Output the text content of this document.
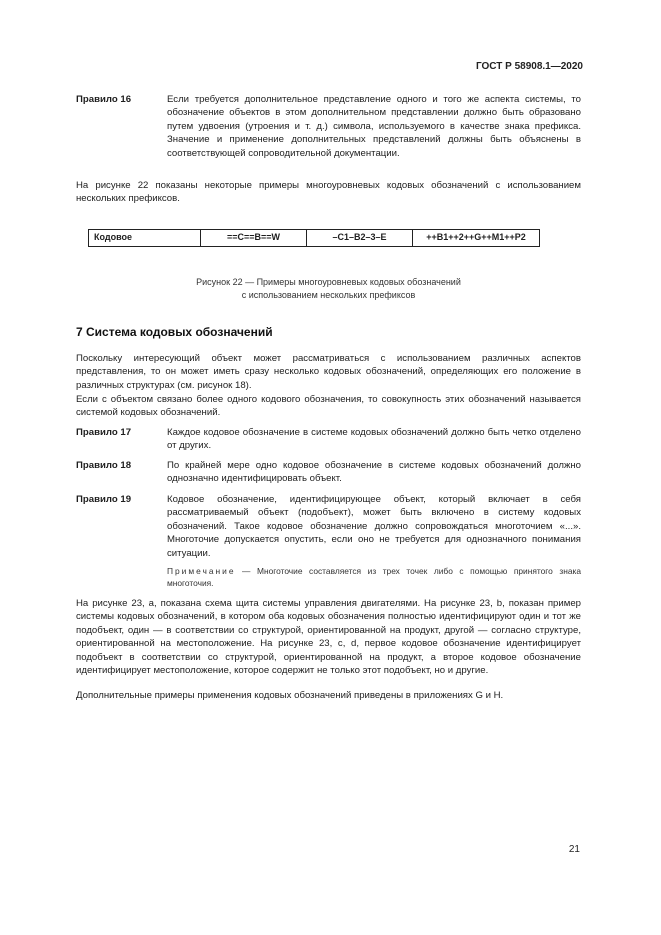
ГОСТ Р 58908.1—2020
Правило 16	Если требуется дополнительное представление одного и того же аспекта системы, то обозначение объектов в этом дополнительном представлении должно быть образовано путем удвоения (утроения и т. д.) символа, используемого в качестве знака префикса. Значение и применение дополнительных представлений должны быть объяснены в соответствующей сопроводительной документации.

На рисунке 22 показаны некоторые примеры многоуровневых кодовых обозначений с использованием нескольких префиксов.

Кодовое	==С==В==W	–С1–В2–3–Е	++В1++2++G++М1++Р2
Рисунок 22 — Примеры многоуровневых кодовых обозначений
с использованием нескольких префиксов
7 Система кодовых обозначений

Поскольку интересующий объект может рассматриваться с использованием различных аспектов представления, то он может иметь сразу несколько кодовых обозначений, определяющих его положение в различных структурах (см. рисунок 18).

Если с объектом связано более одного кодового обозначения, то совокупность этих обозначений называется системой кодовых обозначений.

Правило 17	Каждое кодовое обозначение в системе кодовых обозначений должно быть четко отделено от других.
Правило 18	По крайней мере одно кодовое обозначение в системе кодовых обозначений должно однозначно идентифицировать объект.
Правило 19	Кодовое обозначение, идентифицирующее объект, который включает в себя рассматриваемый объект (подобъект), может быть включено в систему кодовых обозначений. Такое кодовое обозначение должно сопровождаться многоточием «...». Многоточие допускается опустить, если оно не требуется для однозначного понимания ситуации.
Примечание — Многоточие составляется из трех точек либо с помощью принятого знака многоточия.

На рисунке 23, а, показана схема щита системы управления двигателями. На рисунке 23, b, показан пример системы кодовых обозначений, в котором оба кодовых обозначения полностью идентифицируют один и тот же подобъект, один — в соответствии со структурой, ориентированной на продукт, другой — согласно структуре, ориентированной на местоположение. На рисунке 23, c, d, первое кодовое обозначение идентифицирует подобъект в соответствии со структурой, ориентированной на продукт, а второе кодовое обозначение идентифицирует местоположение, которое содержит не только этот подобъект, но и другие.

Дополнительные примеры применения кодовых обозначений приведены в приложениях G и H.

21
